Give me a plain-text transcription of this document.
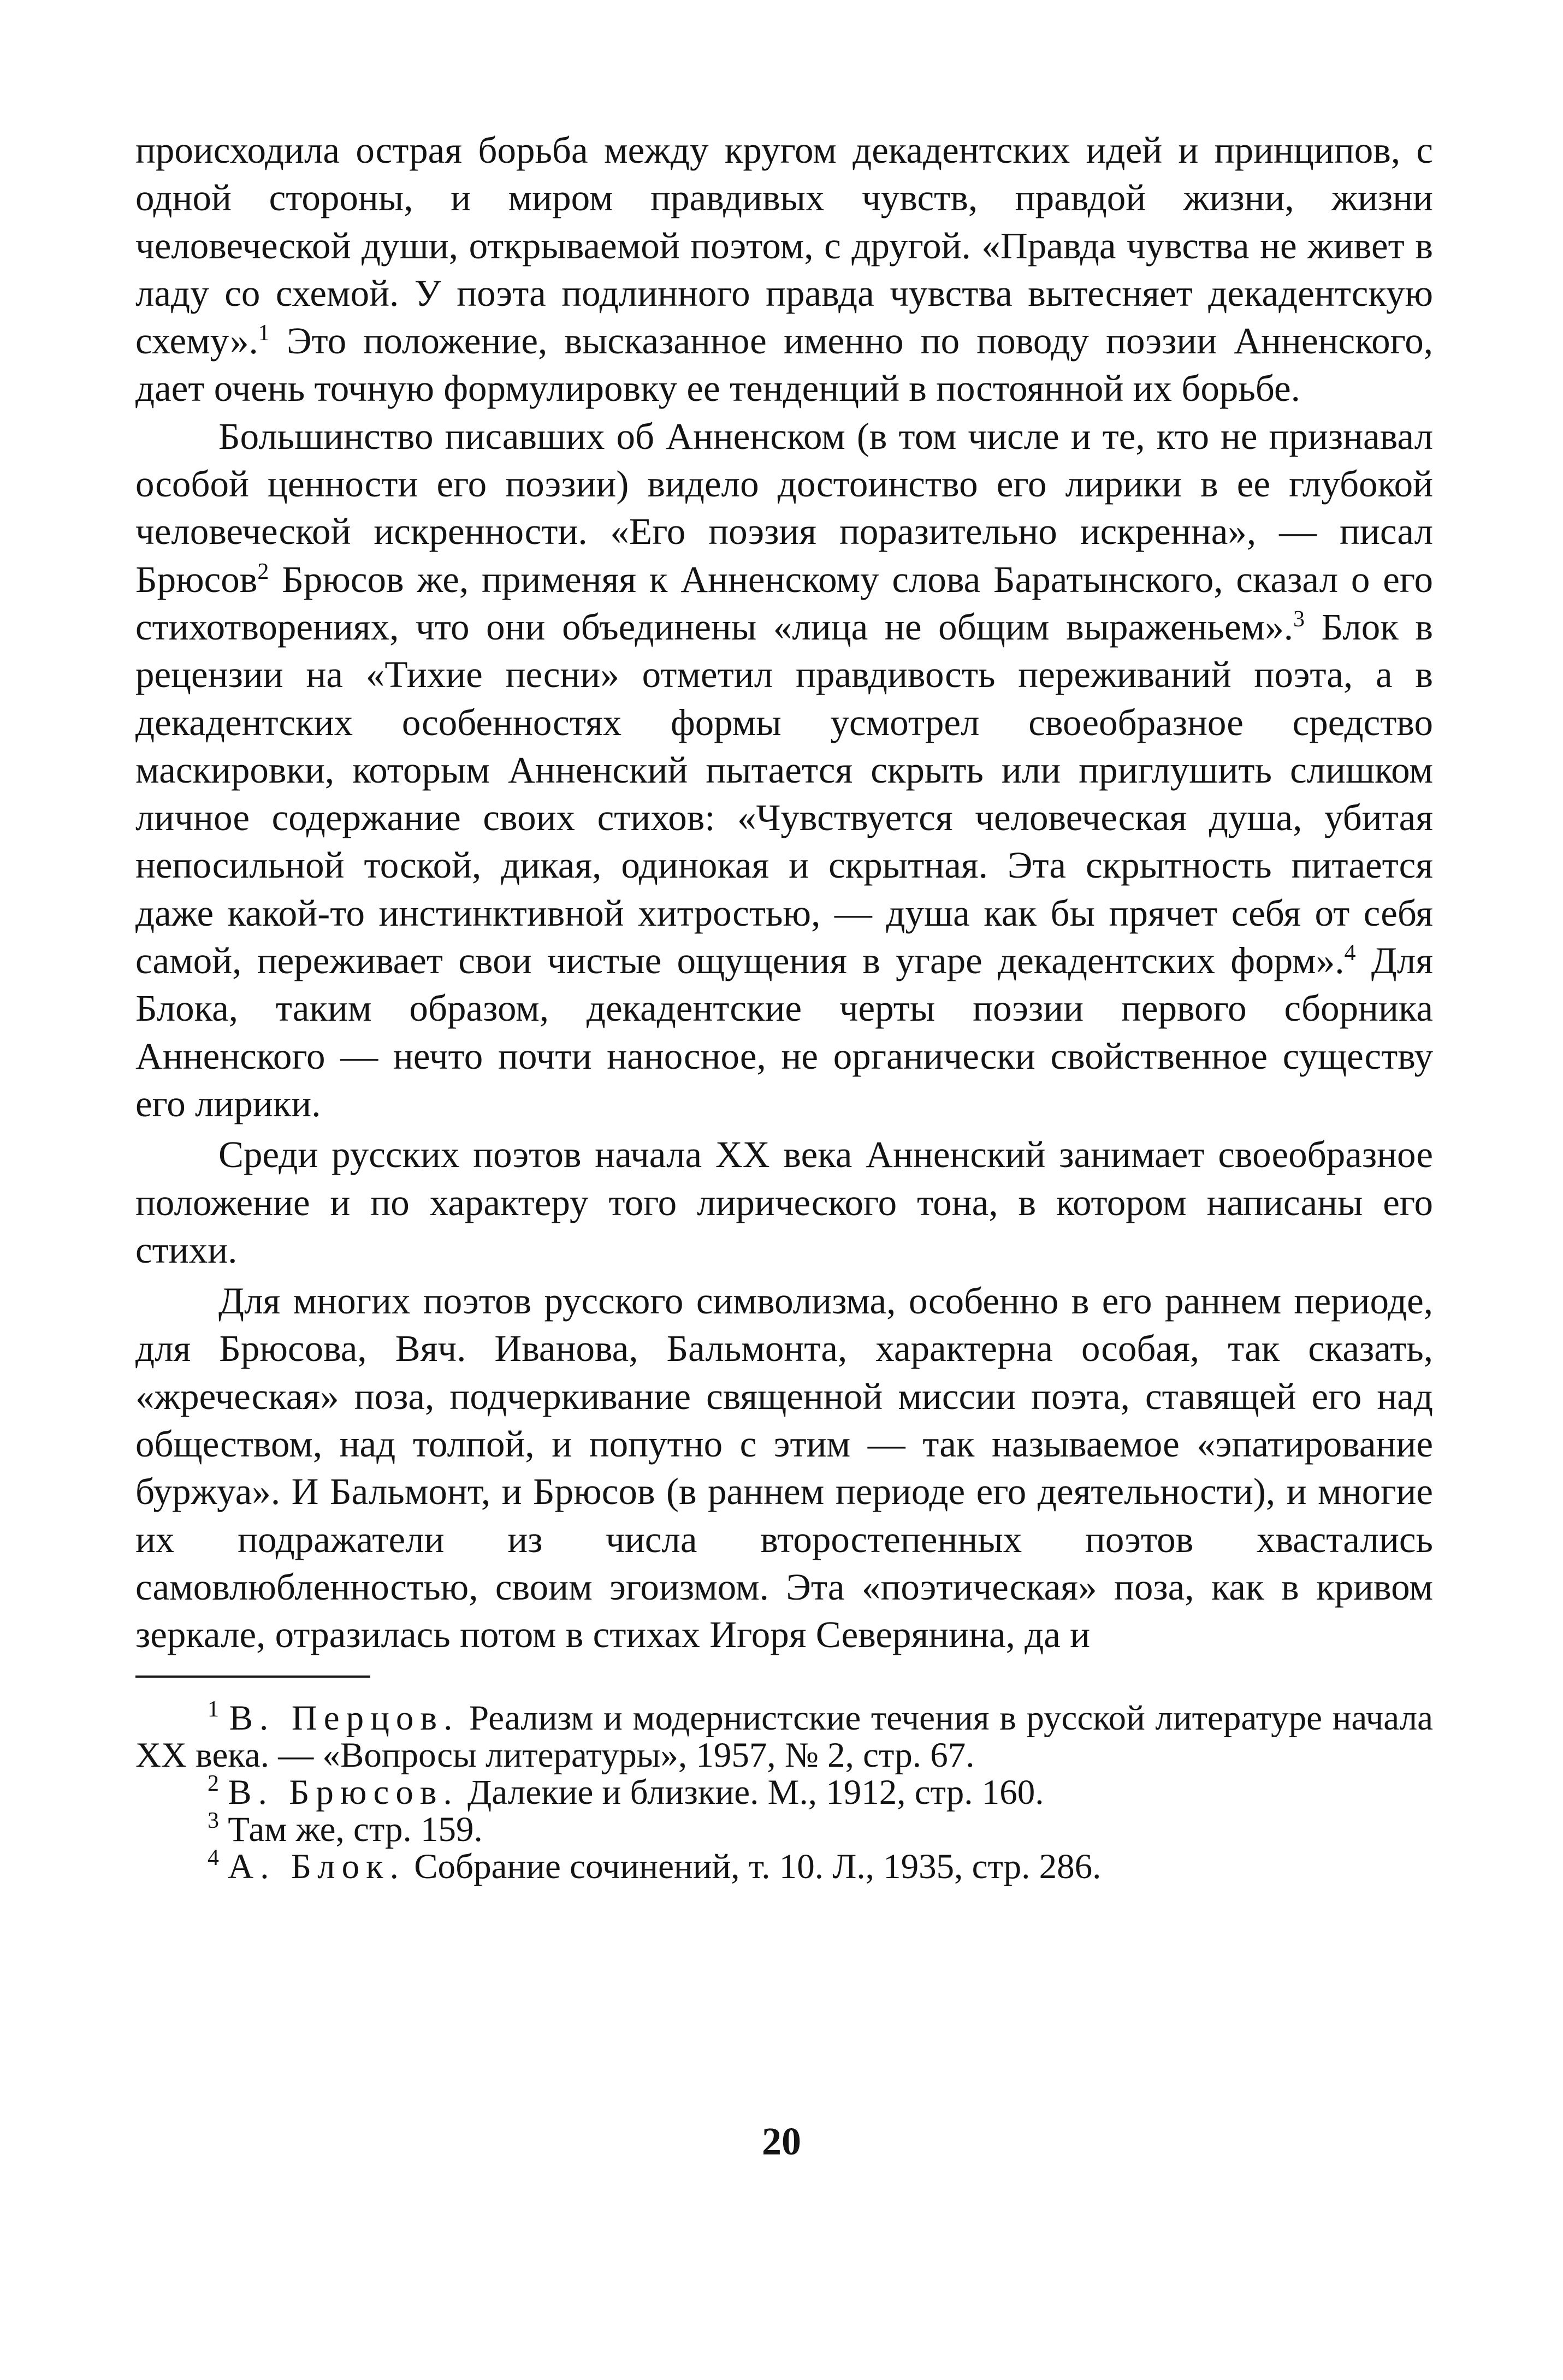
происходила острая борьба между кругом декадентских идей и принципов, с одной стороны, и миром правдивых чувств, правдой жизни, жизни человеческой души, открываемой поэтом, с другой. «Правда чувства не живет в ладу со схемой. У поэта подлинного правда чувства вытесняет декадентскую схему».$^1$ Это положение, высказанное именно по поводу поэзии Анненского, дает очень точную формулировку ее тенденций в постоянной их борьбе.

Большинство писавших об Анненском (в том числе и те, кто не признавал особой ценности его поэзии) видело достоинство его лирики в ее глубокой человеческой искренности. «Его поэзия поразительно искренна», — писал Брюсов$^2$ Брюсов же, применяя к Анненскому слова Баратынского, сказал о его стихотворениях, что они объединены «лица не общим выраженьем».$^3$ Блок в рецензии на «Тихие песни» отметил правдивость переживаний поэта, а в декадентских особенностях формы усмотрел своеобразное средство маскировки, которым Анненский пытается скрыть или приглушить слишком личное содержание своих стихов: «Чувствуется человеческая душа, убитая непосильной тоской, дикая, одинокая и скрытная. Эта скрытность питается даже какой-то инстинктивной хитростью, — душа как бы прячет себя от себя самой, переживает свои чистые ощущения в угаре декадентских форм».$^4$ Для Блока, таким образом, декадентские черты поэзии первого сборника Анненского — нечто почти наносное, не органически свойственное существу его лирики.

Среди русских поэтов начала XX века Анненский занимает своеобразное положение и по характеру того лирического тона, в котором написаны его стихи.

Для многих поэтов русского символизма, особенно в его раннем периоде, для Брюсова, Вяч. Иванова, Бальмонта, характерна особая, так сказать, «жреческая» поза, подчеркивание священной миссии поэта, ставящей его над обществом, над толпой, и попутно с этим — так называемое «эпатирование буржуа». И Бальмонт, и Брюсов (в раннем периоде его деятельности), и многие их подражатели из числа второстепенных поэтов хвастались самовлюбленностью, своим эгоизмом. Эта «поэтическая» поза, как в кривом зеркале, отразилась потом в стихах Игоря Северянина, да и

$^1$ В. Перцов. Реализм и модернистские течения в русской литературе начала XX века. — «Вопросы литературы», 1957, № 2, стр. 67.

$^2$ В. Брюсов. Далекие и близкие. М., 1912, стр. 160.

$^3$ Там же, стр. 159.

$^4$ А. Блок. Собрание сочинений, т. 10. Л., 1935, стр. 286.

20
